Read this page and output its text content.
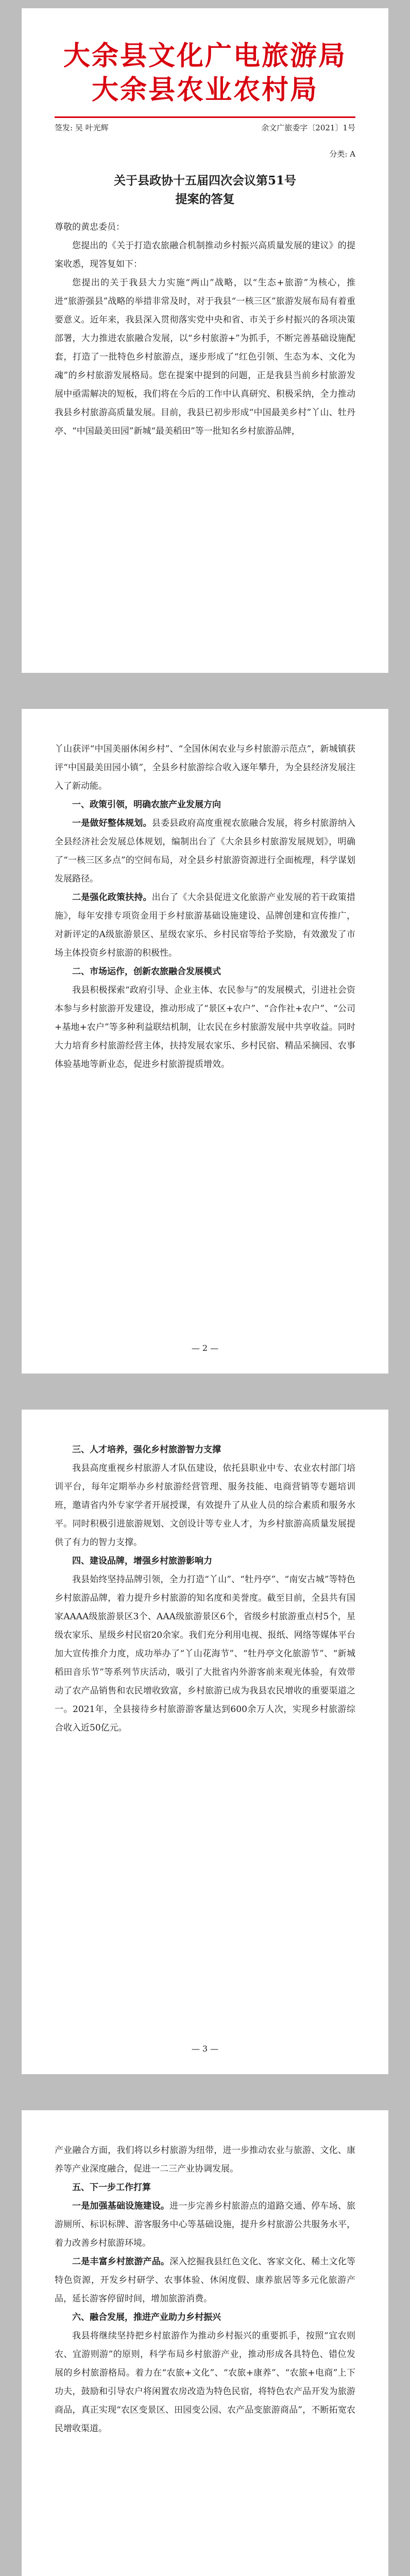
大余县文化广电旅游局
大余县农业农村局
签发: 吴 叶光辉	余文广旅委字〔2021〕1号
分类: A
关于县政协十五届四次会议第51号
提案的答复
尊敬的黄忠委员：

您提出的《关于打造农旅融合机制推动乡村振兴高质量发展的建议》的提案收悉，现答复如下：

您提出的关于我县大力实施“两山”战略，以“生态+旅游”为核心，推进“旅游强县”战略的举措非常及时，对于我县“一核三区”旅游发展布局有着重要意义。近年来，我县深入贯彻落实党中央和省、市关于乡村振兴的各项决策部署，大力推进农旅融合发展，以“乡村旅游+”为抓手，不断完善基础设施配套，打造了一批特色乡村旅游点，逐步形成了“红色引领、生态为本、文化为魂”的乡村旅游发展格局。您在提案中提到的问题，正是我县当前乡村旅游发展中亟需解决的短板，我们将在今后的工作中认真研究、积极采纳，全力推动我县乡村旅游高质量发展。目前，我县已初步形成“中国最美乡村”丫山、牡丹亭、“中国最美田园”新城“最美稻田”等一批知名乡村旅游品牌，

丫山获评“中国美丽休闲乡村”、“全国休闲农业与乡村旅游示范点”，新城镇获评“中国最美田园小镇”，全县乡村旅游综合收入逐年攀升，为全县经济发展注入了新动能。

一、政策引领，明确农旅产业发展方向

一是做好整体规划。县委县政府高度重视农旅融合发展，将乡村旅游纳入全县经济社会发展总体规划，编制出台了《大余县乡村旅游发展规划》，明确了“一核三区多点”的空间布局，对全县乡村旅游资源进行全面梳理，科学谋划发展路径。

二是强化政策扶持。出台了《大余县促进文化旅游产业发展的若干政策措施》，每年安排专项资金用于乡村旅游基础设施建设、品牌创建和宣传推广，对新评定的A级旅游景区、星级农家乐、乡村民宿等给予奖励，有效激发了市场主体投资乡村旅游的积极性。

二、市场运作，创新农旅融合发展模式

我县积极探索“政府引导、企业主体、农民参与”的发展模式，引进社会资本参与乡村旅游开发建设，推动形成了“景区+农户”、“合作社+农户”、“公司+基地+农户”等多种利益联结机制，让农民在乡村旅游发展中共享收益。同时大力培育乡村旅游经营主体，扶持发展农家乐、乡村民宿、精品采摘园、农事体验基地等新业态，促进乡村旅游提质增效。

— 2 —

三、人才培养，强化乡村旅游智力支撑

我县高度重视乡村旅游人才队伍建设，依托县职业中专、农业农村部门培训平台，每年定期举办乡村旅游经营管理、服务技能、电商营销等专题培训班，邀请省内外专家学者开展授课，有效提升了从业人员的综合素质和服务水平。同时积极引进旅游规划、文创设计等专业人才，为乡村旅游高质量发展提供了有力的智力支撑。

四、建设品牌，增强乡村旅游影响力

我县始终坚持品牌引领，全力打造“丫山”、“牡丹亭”、“南安古城”等特色乡村旅游品牌，着力提升乡村旅游的知名度和美誉度。截至目前，全县共有国家AAAA级旅游景区3个、AAA级旅游景区6个，省级乡村旅游重点村5个，星级农家乐、星级乡村民宿20余家。我们充分利用电视、报纸、网络等媒体平台加大宣传推介力度，成功举办了“丫山花海节”、“牡丹亭文化旅游节”、“新城稻田音乐节”等系列节庆活动，吸引了大批省内外游客前来观光体验，有效带动了农产品销售和农民增收致富，乡村旅游已成为我县农民增收的重要渠道之一。2021年，全县接待乡村旅游游客量达到600余万人次，实现乡村旅游综合收入近50亿元。

— 3 —

产业融合方面，我们将以乡村旅游为纽带，进一步推动农业与旅游、文化、康养等产业深度融合，促进一二三产业协调发展。

五、下一步工作打算

一是加强基础设施建设。进一步完善乡村旅游点的道路交通、停车场、旅游厕所、标识标牌、游客服务中心等基础设施，提升乡村旅游公共服务水平，着力改善乡村旅游环境。

二是丰富乡村旅游产品。深入挖掘我县红色文化、客家文化、稀土文化等特色资源，开发乡村研学、农事体验、休闲度假、康养旅居等多元化旅游产品，延长游客停留时间，增加旅游消费。

六、融合发展，推进产业助力乡村振兴

我县将继续坚持把乡村旅游作为推动乡村振兴的重要抓手，按照“宜农则农、宜游则游”的原则，科学布局乡村旅游产业，推动形成各具特色、错位发展的乡村旅游格局。着力在“农旅+文化”、“农旅+康养”、“农旅+电商”上下功夫，鼓励和引导农户将闲置农房改造为特色民宿，将特色农产品开发为旅游商品，真正实现“农区变景区、田园变公园、农产品变旅游商品”，不断拓宽农民增收渠道。
